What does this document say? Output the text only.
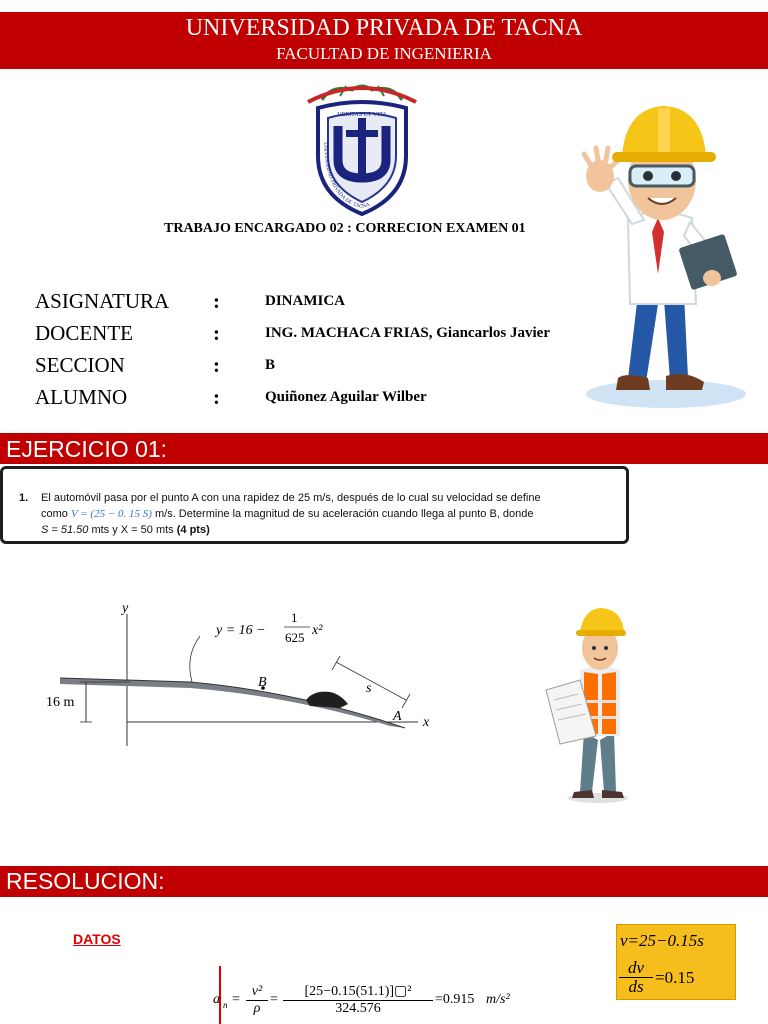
UNIVERSIDAD PRIVADA DE TACNA
FACULTAD DE INGENIERIA
VERITAS UT VITA
UNIVERSIDAD PRIVADA DE TACNA
TRABAJO ENCARGADO 02 : CORRECION EXAMEN 01
ASIGNATURA :	DINAMICA
DOCENTE	:	ING. MACHACA FRIAS, Giancarlos Javier
SECCION	:	B
ALUMNO	:	Quiñonez Aguilar Wilber
EJERCICIO 01:
1. El automóvil pasa por el punto A con una rapidez de 25 m/s, después de lo cual su velocidad se define
como V = (25 − 0. 15 S) m/s. Determine la magnitud de su aceleración cuando llega al punto B, donde
S = 51.50 mts y X = 50 mts (4 pts)
y
x
16 m
B
A
s
y = 16 −
1
625 x²
RESOLUCION:
DATOS	v=25−0.15s
$\frac{dv}{ds} =0.15$
a $n = \frac{\text{v²}}{\rho} = \frac{\text{[25−0.15(51.1)]▢²}}{324.576} =0.915$ m/s²
